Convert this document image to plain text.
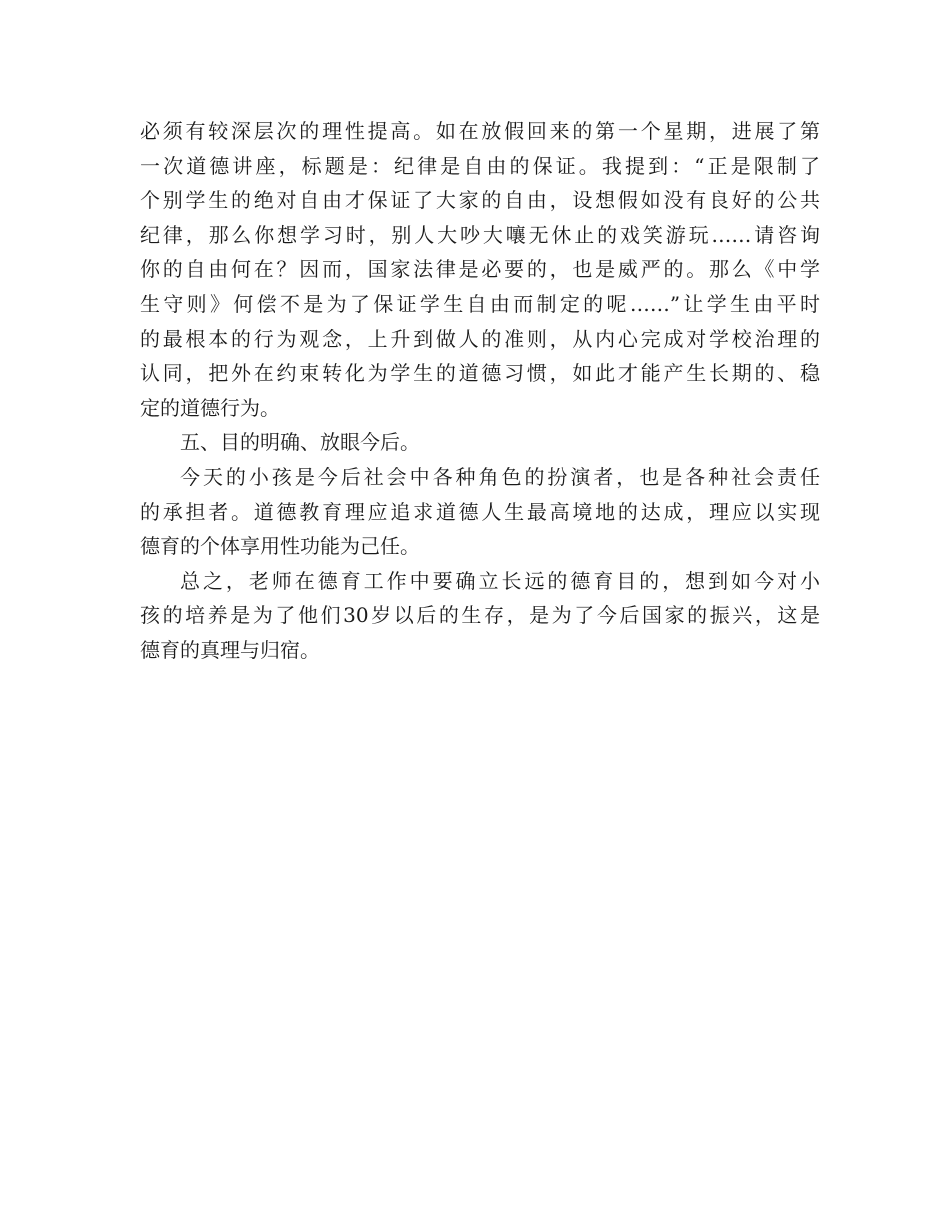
必须有较深层次的理性提高。如在放假回来的第一个星期，进展了第
一次道德讲座，标题是：纪律是自由的保证。我提到：“正是限制了
个别学生的绝对自由才保证了大家的自由，设想假如没有良好的公共
纪律，那么你想学习时，别人大吵大嚷无休止的戏笑游玩……请咨询
你的自由何在？因而，国家法律是必要的，也是威严的。那么《中学
生守则》何偿不是为了保证学生自由而制定的呢……”让学生由平时
的最根本的行为观念，上升到做人的准则，从内心完成对学校治理的
认同，把外在约束转化为学生的道德习惯，如此才能产生长期的、稳
定的道德行为。
五、目的明确、放眼今后。
今天的小孩是今后社会中各种角色的扮演者，也是各种社会责任
的承担者。道德教育理应追求道德人生最高境地的达成，理应以实现
德育的个体享用性功能为己任。
总之，老师在德育工作中要确立长远的德育目的，想到如今对小
孩的培养是为了他们30岁以后的生存，是为了今后国家的振兴，这是
德育的真理与归宿。
